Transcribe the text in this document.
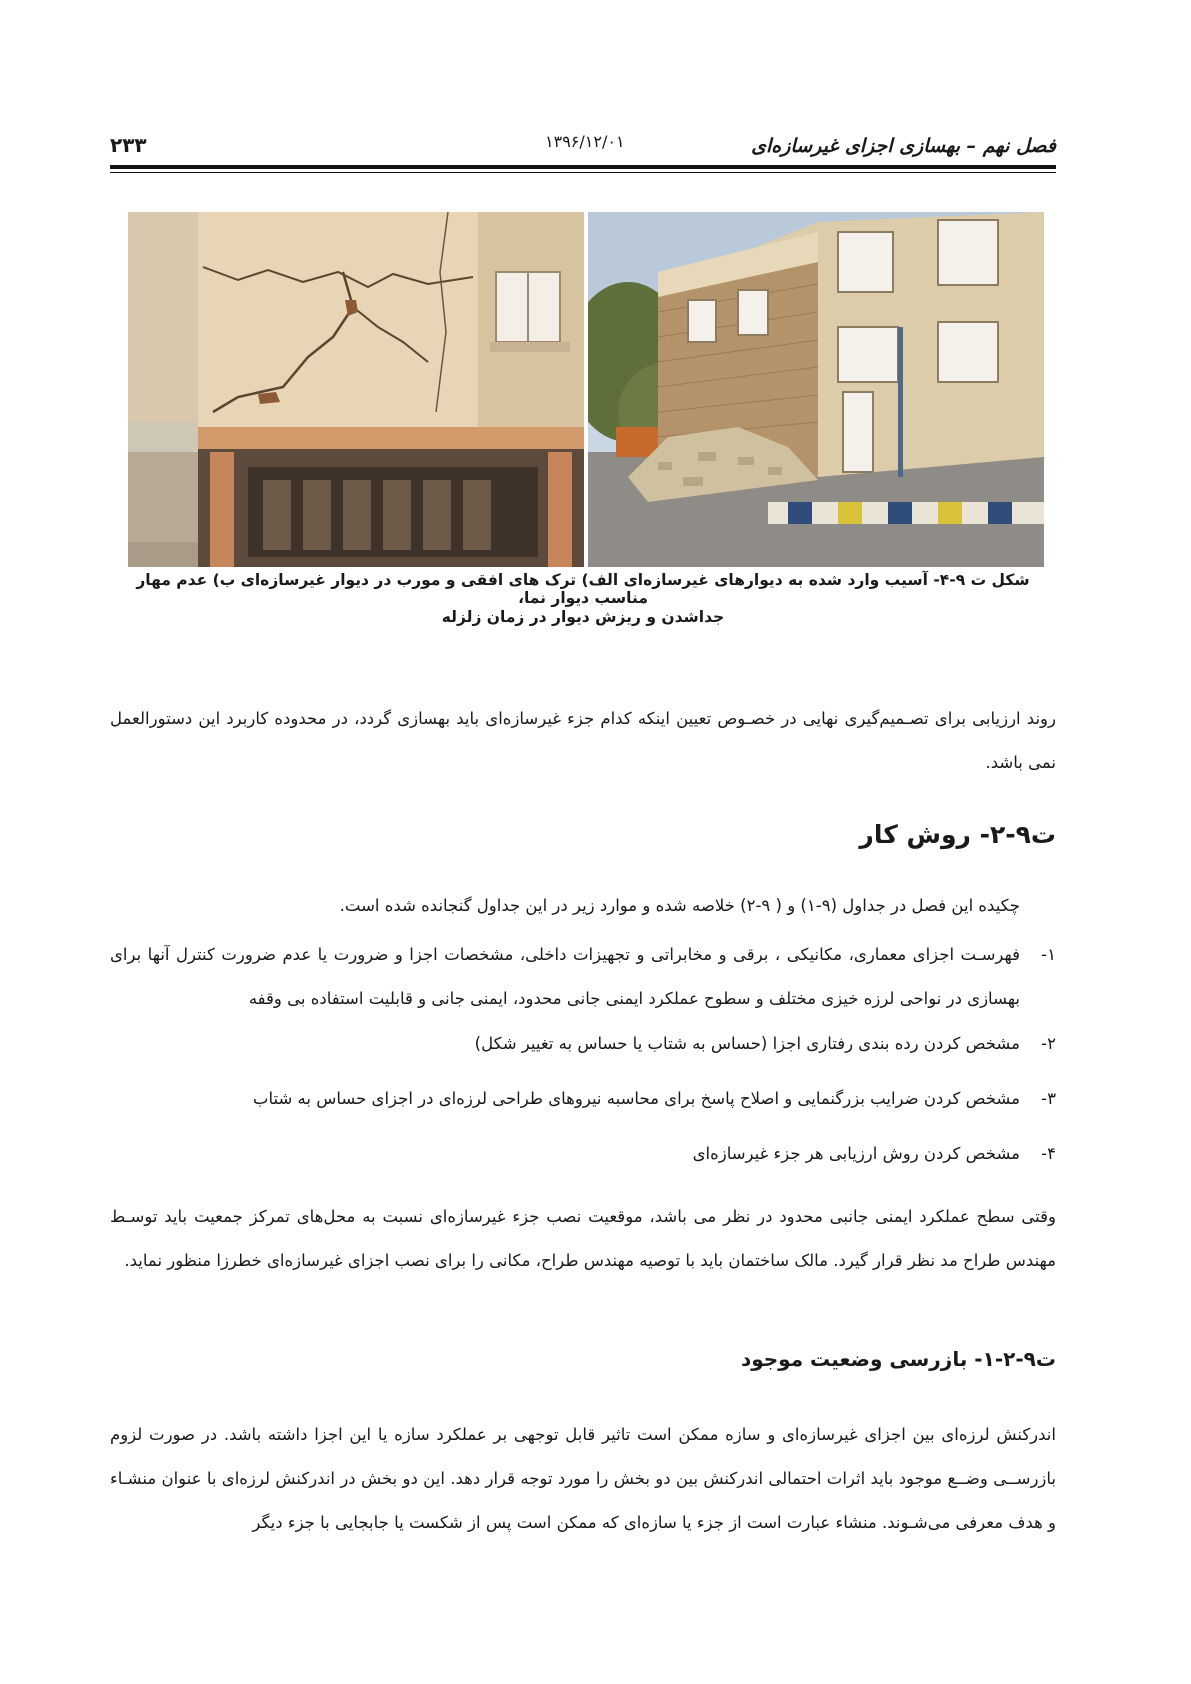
فصل نهم – بهسازی اجزای غیرسازه‌ای
۱۳۹۶/۱۲/۰۱
۲۳۳
شکل ت ۹-۴- آسیب وارد شده به دیوارهای غیرسازه‌ای الف) ترک های افقی و مورب در دیوار غیرسازه‌ای ب) عدم مهار مناسب دیوار نما،
جداشدن و ریزش دیوار در زمان زلزله
روند ارزیابی برای تصـمیم‌گیری نهایی در خصـوص تعیین اینکه کدام جزء غیرسازه‌ای باید بهسازی گردد، در محدوده کاربرد این دستورالعمل نمی باشد.
ت۹-۲- روش کار
چکیده این فصل در جداول (۹-۱) و ( ۹-۲) خلاصه شده و موارد زیر در این جداول گنجانده شده است.
۱-
فهرسـت اجزای معماری، مکانیکی ، برقی و مخابراتی و تجهیزات داخلی، مشخصات اجزا و ضرورت یا عدم ضرورت کنترل آنها برای بهسازی در نواحی لرزه خیزی مختلف و سطوح عملکرد ایمنی جانی محدود، ایمنی جانی و قابلیت استفاده بی وقفه
۲-
مشخص کردن رده بندی رفتاری اجزا (حساس به شتاب یا حساس به تغییر شکل)
۳-
مشخص کردن ضرایب بزرگنمایی و اصلاح پاسخ برای محاسبه نیروهای طراحی لرزه‌ای در اجزای حساس به شتاب
۴-
مشخص کردن روش ارزیابی هر جزء غیرسازه‌ای
وقتی سطح عملکرد ایمنی جانبی محدود در نظر می باشد، موقعیت نصب جزء غیرسازه‌ای نسبت به محل‌های تمرکز جمعیت باید توسـط مهندس طراح مد نظر قرار گیرد. مالک ساختمان باید با توصیه مهندس طراح، مکانی را برای نصب اجزای غیرسازه‌ای خطرزا منظور نماید.
ت۹-۲-۱- بازرسی وضعیت موجود
اندرکنش لرزه‌ای بین اجزای غیرسازه‌ای و سازه ممکن است تاثیر قابل توجهی بر عملکرد سازه یا این اجزا داشته باشد. در صورت لزوم بازرســی وضــع موجود باید اثرات احتمالی اندرکنش بین دو بخش را مورد توجه قرار دهد. این دو بخش در اندرکنش لرزه‌ای با عنوان منشـاء و هدف معرفی می‌شـوند. منشاء عبارت است از جزء یا سازه‌ای که ممکن است پس از شکست یا جابجایی با جزء دیگر
